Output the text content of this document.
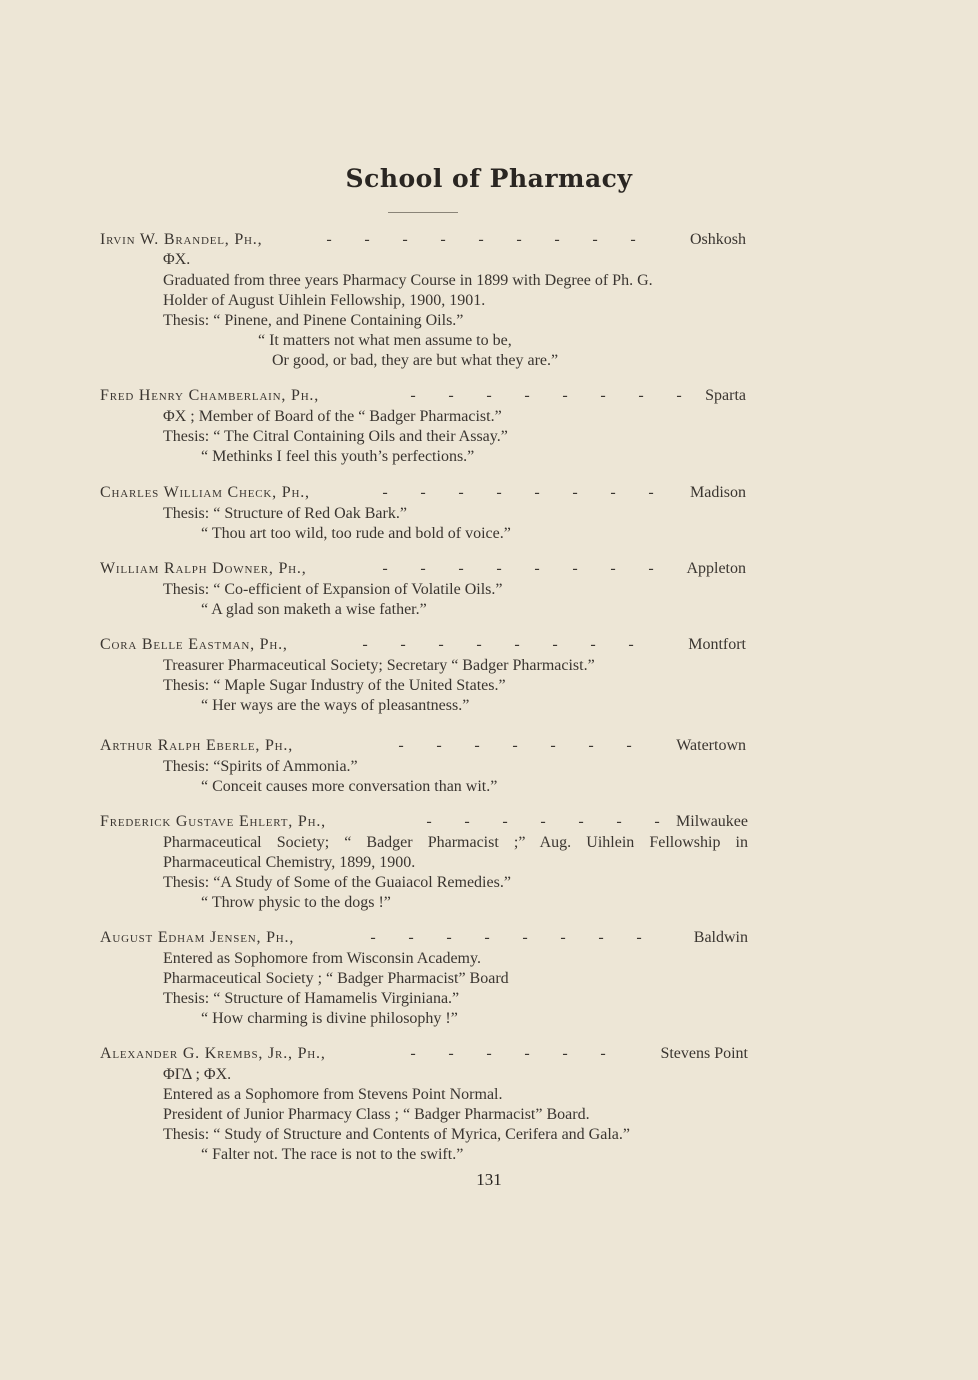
School of Pharmacy
Irvin W. Brandel, Ph.,	- - - - - - - - -	Oshkosh
ΦX.
Graduated from three years Pharmacy Course in 1899 with Degree of Ph. G.
Holder of August Uihlein Fellowship, 1900, 1901.
Thesis: “ Pinene, and Pinene Containing Oils.”
“ It matters not what men assume to be,
Or good, or bad, they are but what they are.”
Fred Henry Chamberlain, Ph.,	- - - - - - - -	Sparta
ΦX ; Member of Board of the “ Badger Pharmacist.”
Thesis: “ The Citral Containing Oils and their Assay.”
“ Methinks I feel this youth’s perfections.”
Charles William Check, Ph.,	- - - - - - - -	Madison
Thesis: “ Structure of Red Oak Bark.”
“ Thou art too wild, too rude and bold of voice.”
William Ralph Downer, Ph.,	- - - - - - - -	Appleton
Thesis: “ Co-efficient of Expansion of Volatile Oils.”
“ A glad son maketh a wise father.”
Cora Belle Eastman, Ph.,	- - - - - - - -	Montfort
Treasurer Pharmaceutical Society; Secretary “ Badger Pharmacist.”
Thesis: “ Maple Sugar Industry of the United States.”
“ Her ways are the ways of pleasantness.”
Arthur Ralph Eberle, Ph.,	- - - - - - -	Watertown
Thesis: “Spirits of Ammonia.”
“ Conceit causes more conversation than wit.”
Frederick Gustave Ehlert, Ph.,	- - - - - - -	Milwaukee
Pharmaceutical Society; “ Badger Pharmacist ;” Aug. Uihlein Fellowship in
Pharmaceutical Chemistry, 1899, 1900.
Thesis: “A Study of Some of the Guaiacol Remedies.”
“ Throw physic to the dogs !”
August Edham Jensen, Ph.,	- - - - - - - -	Baldwin
Entered as Sophomore from Wisconsin Academy.
Pharmaceutical Society ; “ Badger Pharmacist” Board
Thesis: “ Structure of Hamamelis Virginiana.”
“ How charming is divine philosophy !”
Alexander G. Krembs, Jr., Ph.,	- - - - - -	Stevens Point
ΦΓΔ ; ΦX.
Entered as a Sophomore from Stevens Point Normal.
President of Junior Pharmacy Class ; “ Badger Pharmacist” Board.
Thesis: “ Study of Structure and Contents of Myrica, Cerifera and Gala.”
“ Falter not. The race is not to the swift.”
131
